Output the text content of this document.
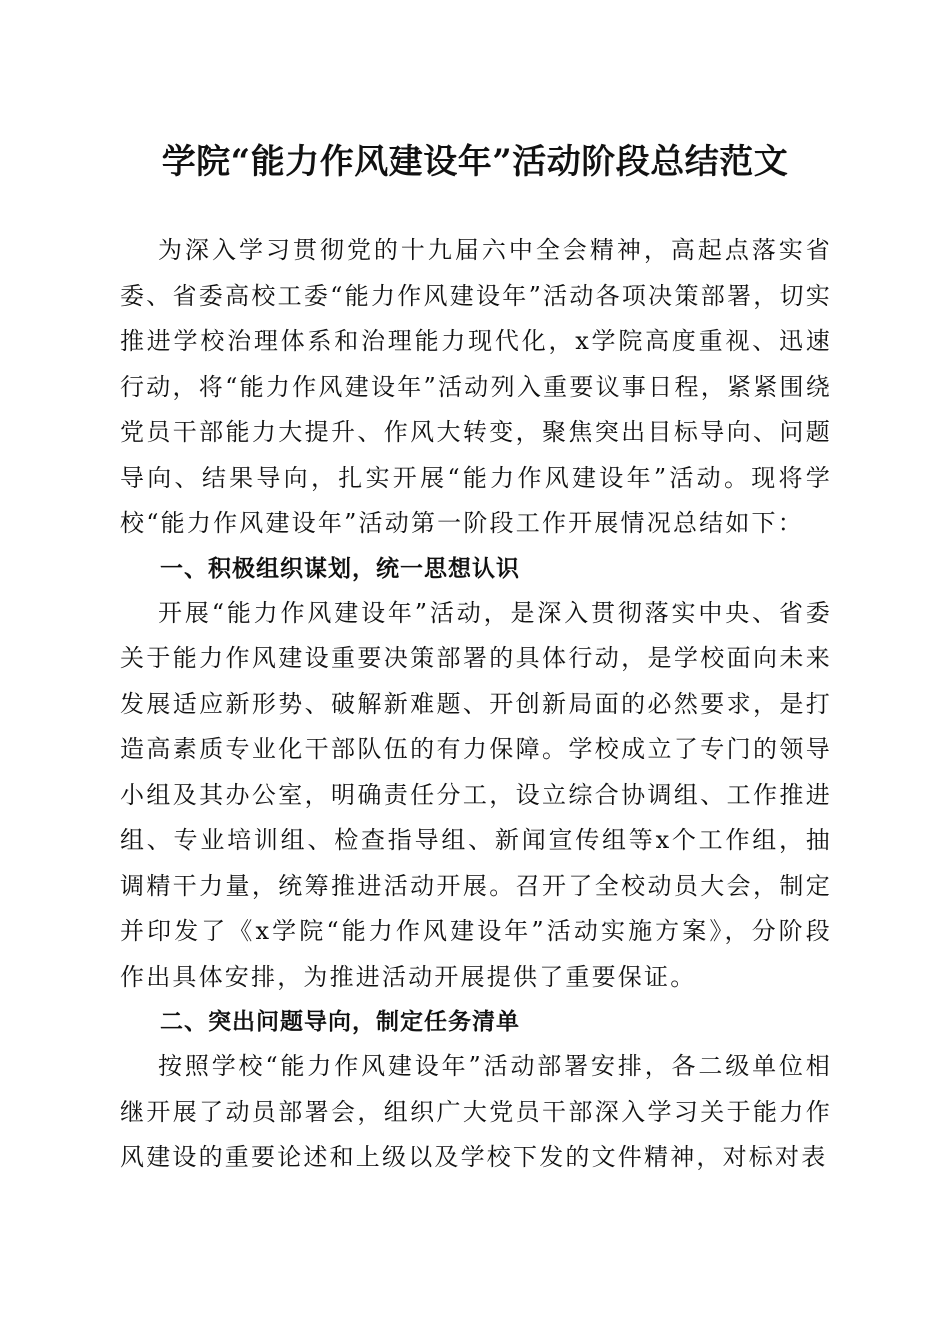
学院“能力作风建设年”活动阶段总结范文

为深入学习贯彻党的十九届六中全会精神，高起点落实省委、省委高校工委“能力作风建设年”活动各项决策部署，切实推进学校治理体系和治理能力现代化，x学院高度重视、迅速行动，将“能力作风建设年”活动列入重要议事日程，紧紧围绕党员干部能力大提升、作风大转变，聚焦突出目标导向、问题导向、结果导向，扎实开展“能力作风建设年”活动。现将学校“能力作风建设年”活动第一阶段工作开展情况总结如下：

一、积极组织谋划，统一思想认识

开展“能力作风建设年”活动，是深入贯彻落实中央、省委关于能力作风建设重要决策部署的具体行动，是学校面向未来发展适应新形势、破解新难题、开创新局面的必然要求，是打造高素质专业化干部队伍的有力保障。学校成立了专门的领导小组及其办公室，明确责任分工，设立综合协调组、工作推进组、专业培训组、检查指导组、新闻宣传组等x个工作组，抽调精干力量，统筹推进活动开展。召开了全校动员大会，制定并印发了《x学院“能力作风建设年”活动实施方案》，分阶段作出具体安排，为推进活动开展提供了重要保证。

二、突出问题导向，制定任务清单

按照学校“能力作风建设年”活动部署安排，各二级单位相继开展了动员部署会，组织广大党员干部深入学习关于能力作风建设的重要论述和上级以及学校下发的文件精神，对标对表
